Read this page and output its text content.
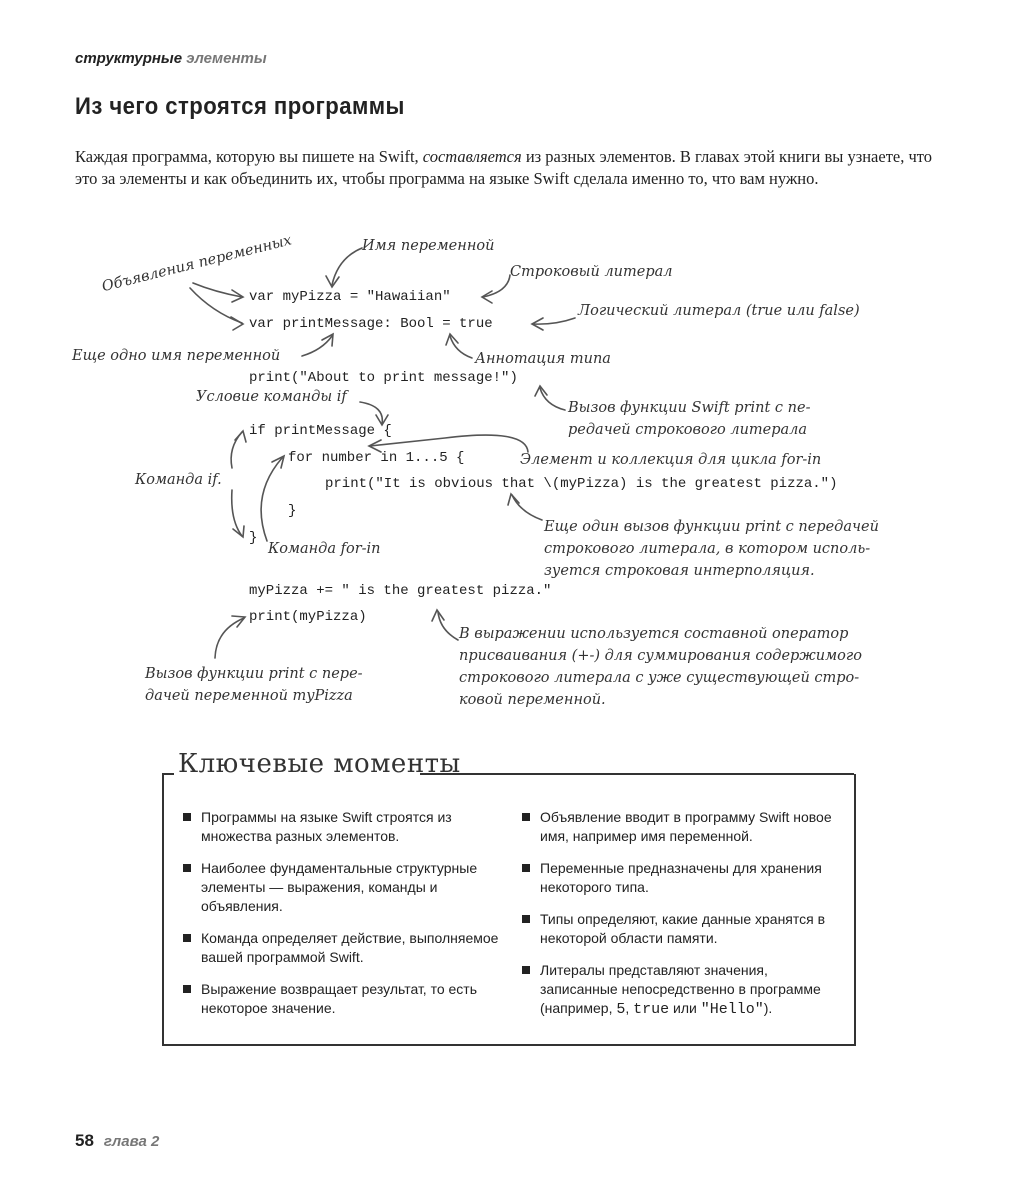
структурные элементы
Из чего строятся программы
Каждая программа, которую вы пишете на Swift, составляется из разных элементов. В главах этой книги вы узнаете, что это за элементы и как объединить их, чтобы программа на языке Swift сделала именно то, что вам нужно.
var myPizza = "Hawaiian"
var printMessage: Bool = true
print("About to print message!")
if printMessage {
for number in 1...5 {
print("It is obvious that \(myPizza) is the greatest pizza.")
}
}
myPizza += " is the greatest pizza."
print(myPizza)
Объявления переменных	Имя переменной
Строковый литерал
Логический литерал (true или false)
Еще одно имя переменной	Аннотация типа
Вызов функции Swift print с пе-
редачей строкового литерала
Условие команды if
Элемент и коллекция для цикла for-in
Команда if.
Еще один вызов функции print с передачей
строкового литерала, в котором исполь-
зуется строковая интерполяция.
Команда for-in
В выражении используется составной оператор
присваивания (+-) для суммирования содержимого
строкового литерала с уже существующей стро-
ковой переменной.
Вызов функции print с пере-
дачей переменной myPizza
Ключевые моменты
Программы на языке Swift строятся из множества разных элементов.
Наиболее фундаментальные структурные элементы — выражения, команды и объявления.
Команда определяет действие, выполняемое вашей программой Swift.
Выражение возвращает результат, то есть некоторое значение.
Объявление вводит в программу Swift новое имя, например имя переменной.
Переменные предназначены для хранения некоторого типа.
Типы определяют, какие данные хранятся в некоторой области памяти.
Литералы представляют значения, записанные непосредственно в программе (например, 5, true или "Hello").
58 глава 2
